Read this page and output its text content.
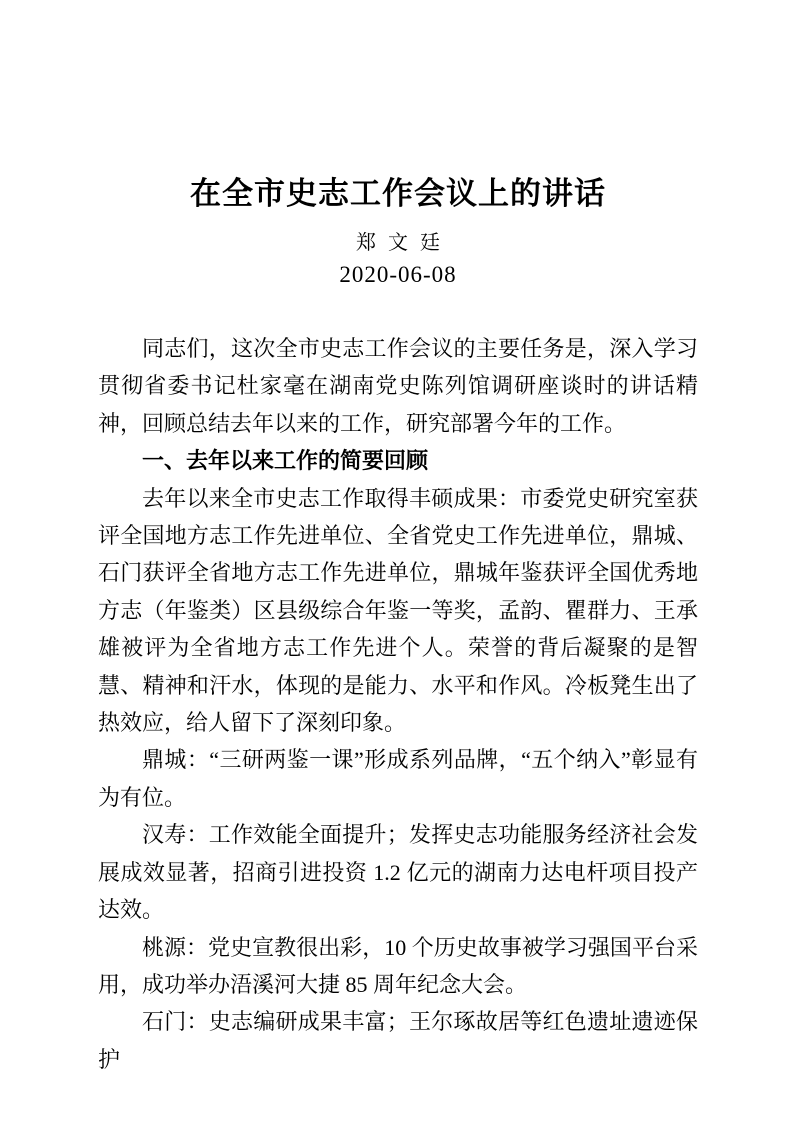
在全市史志工作会议上的讲话
郑文廷
2020-06-08

同志们，这次全市史志工作会议的主要任务是，深入学习贯彻省委书记杜家毫在湖南党史陈列馆调研座谈时的讲话精神，回顾总结去年以来的工作，研究部署今年的工作。

一、去年以来工作的简要回顾

去年以来全市史志工作取得丰硕成果：市委党史研究室获评全国地方志工作先进单位、全省党史工作先进单位，鼎城、石门获评全省地方志工作先进单位，鼎城年鉴获评全国优秀地方志（年鉴类）区县级综合年鉴一等奖，孟韵、瞿群力、王承雄被评为全省地方志工作先进个人。荣誉的背后凝聚的是智慧、精神和汗水，体现的是能力、水平和作风。冷板凳生出了热效应，给人留下了深刻印象。

鼎城：“三研两鉴一课”形成系列品牌，“五个纳入”彰显有为有位。

汉寿：工作效能全面提升；发挥史志功能服务经济社会发展成效显著，招商引进投资 1.2 亿元的湖南力达电杆项目投产达效。

桃源：党史宣教很出彩，10 个历史故事被学习强国平台采用，成功举办浯溪河大捷 85 周年纪念大会。

石门：史志编研成果丰富；王尔琢故居等红色遗址遗迹保护
